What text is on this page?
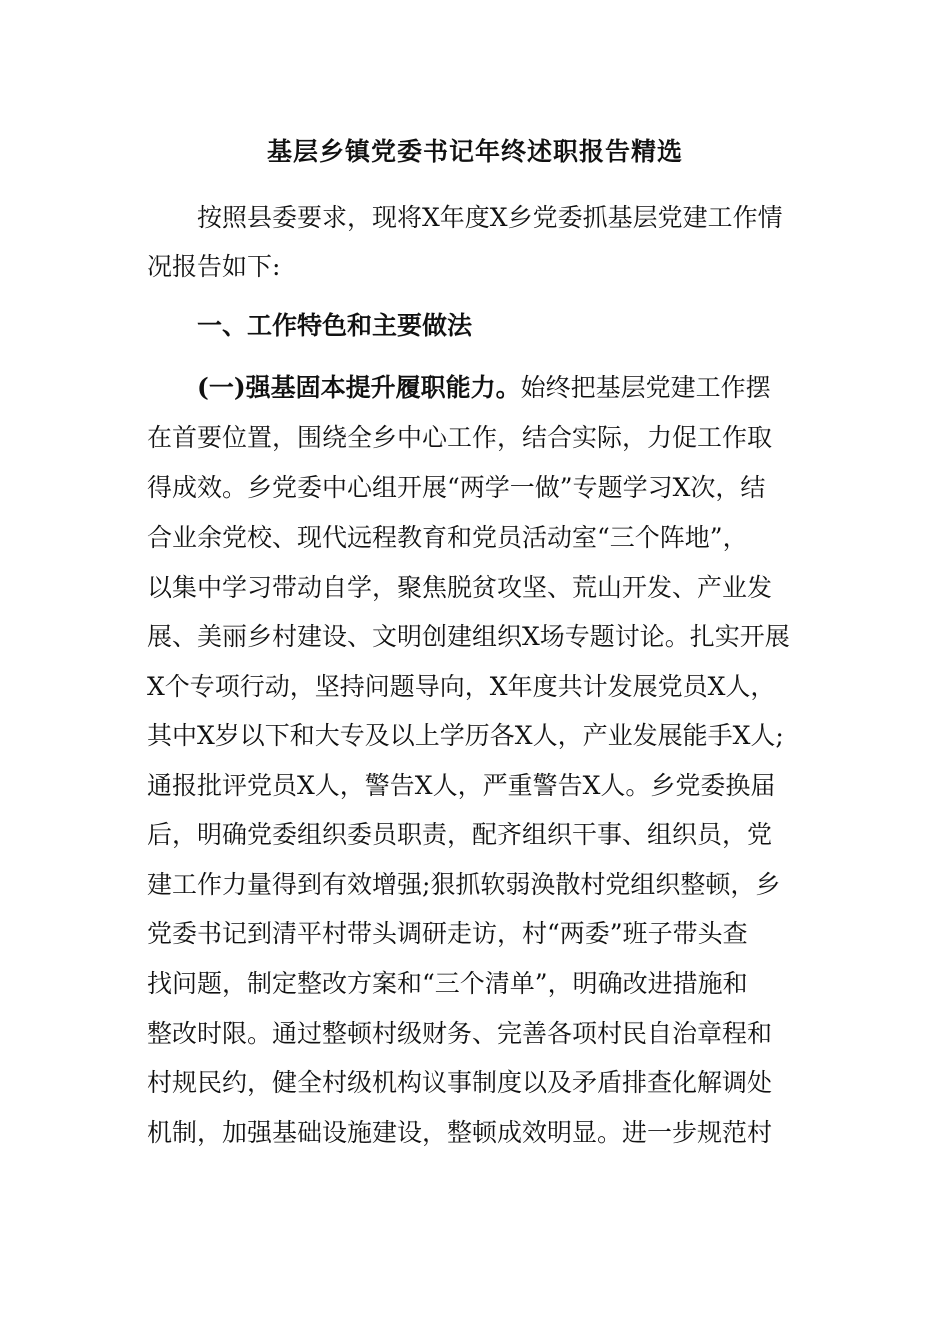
基层乡镇党委书记年终述职报告精选

按照县委要求，现将X年度X乡党委抓基层党建工作情

况报告如下:

一、工作特色和主要做法

(一)强基固本提升履职能力。始终把基层党建工作摆

在首要位置，围绕全乡中心工作，结合实际，力促工作取

得成效。乡党委中心组开展“两学一做”专题学习X次，结

合业余党校、现代远程教育和党员活动室“三个阵地”，

以集中学习带动自学，聚焦脱贫攻坚、荒山开发、产业发

展、美丽乡村建设、文明创建组织X场专题讨论。扎实开展

X个专项行动，坚持问题导向，X年度共计发展党员X人，

其中X岁以下和大专及以上学历各X人，产业发展能手X人;

通报批评党员X人，警告X人，严重警告X人。乡党委换届

后，明确党委组织委员职责，配齐组织干事、组织员，党

建工作力量得到有效增强;狠抓软弱涣散村党组织整顿，乡

党委书记到清平村带头调研走访，村“两委”班子带头查

找问题，制定整改方案和“三个清单”，明确改进措施和

整改时限。通过整顿村级财务、完善各项村民自治章程和

村规民约，健全村级机构议事制度以及矛盾排查化解调处

机制，加强基础设施建设，整顿成效明显。进一步规范村
